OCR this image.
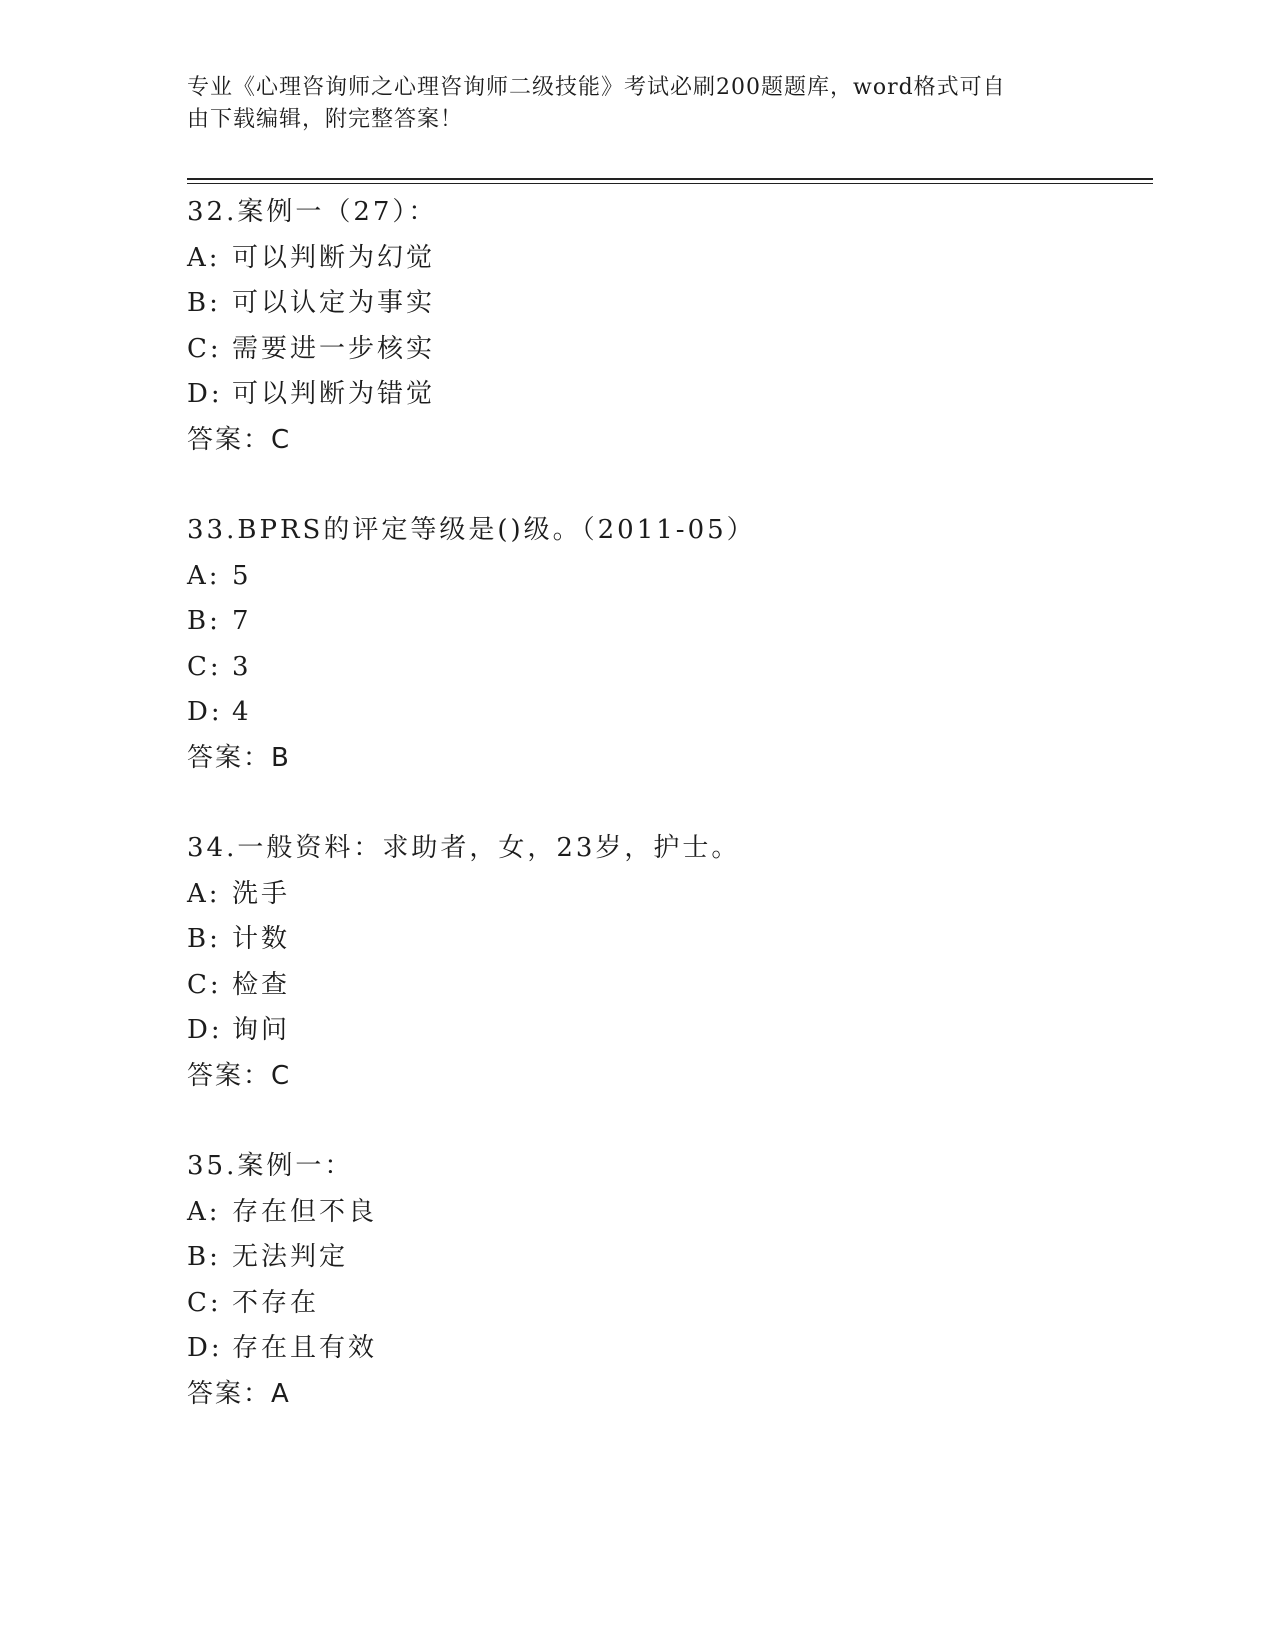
专业《心理咨询师之心理咨询师二级技能》考试必刷200题题库，word格式可自
由下载编辑，附完整答案！
32.案例一（27）：
A: 可以判断为幻觉
B: 可以认定为事实
C: 需要进一步核实
D: 可以判断为错觉
答案：C
33.BPRS的评定等级是()级。（2011-05）
A: 5
B: 7
C: 3
D: 4
答案：B
34.一般资料：求助者，女，23岁，护士。
A: 洗手
B: 计数
C: 检查
D: 询问
答案：C
35.案例一：
A: 存在但不良
B: 无法判定
C: 不存在
D: 存在且有效
答案：A
